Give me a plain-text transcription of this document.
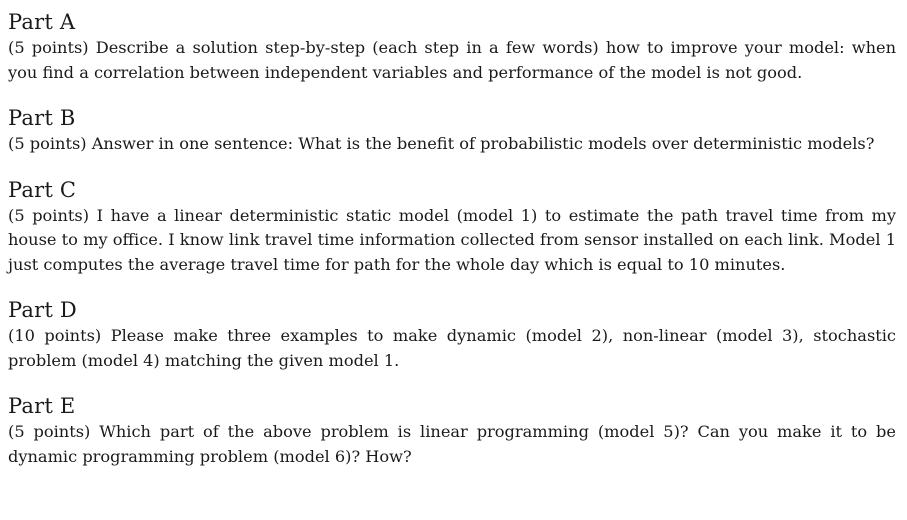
Part A

(5 points) Describe a solution step-by-step (each step in a few words) how to improve your model: when you find a correlation between independent variables and performance of the model is not good.

Part B

(5 points) Answer in one sentence: What is the benefit of probabilistic models over deterministic models?

Part C

(5 points) I have a linear deterministic static model (model 1) to estimate the path travel time from my house to my office. I know link travel time information collected from sensor installed on each link. Model 1 just computes the average travel time for path for the whole day which is equal to 10 minutes.

Part D

(10 points) Please make three examples to make dynamic (model 2), non-linear (model 3), stochastic problem (model 4) matching the given model 1.

Part E

(5 points) Which part of the above problem is linear programming (model 5)? Can you make it to be dynamic programming problem (model 6)? How?
